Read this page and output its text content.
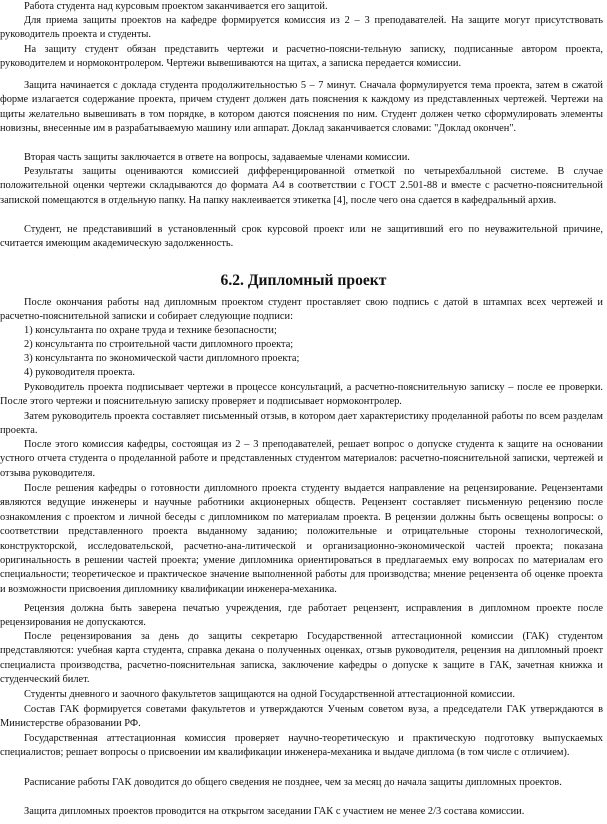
Работа студента над курсовым проектом заканчивается его защитой.

Для приема защиты проектов на кафедре формируется комиссия из 2 – 3 преподавателей. На защите могут присутствовать руководитель проекта и студенты.

На защиту студент обязан представить чертежи и расчетно-поясни-тельную записку, подписанные автором проекта, руководителем и нормоконтролером. Чертежи вывешиваются на щитах, а записка передается комиссии.

Защита начинается с доклада студента продолжительностью 5 – 7 минут. Сначала формулируется тема проекта, затем в сжатой форме излагается содержание проекта, причем студент должен дать пояснения к каждому из представленных чертежей. Чертежи на щиты желательно вывешивать в том порядке, в котором даются пояснения по ним. Студент должен четко сформулировать элементы новизны, внесенные им в разрабатываемую машину или аппарат. Доклад заканчивается словами: "Доклад окончен".

Вторая часть защиты заключается в ответе на вопросы, задаваемые членами комиссии.

Результаты защиты оцениваются комиссией дифференцированной отметкой по четырехбалльной системе. В случае положительной оценки чертежи складываются до формата А4 в соответствии с ГОСТ 2.501-88 и вместе с расчетно-пояснительной запиской помещаются в отдельную папку. На папку наклеивается этикетка [4], после чего она сдается в кафедральный архив.

Студент, не представивший в установленный срок курсовой проект или не защитивший его по неуважительной причине, считается имеющим академическую задолженность.

6.2. Дипломный проект

После окончания работы над дипломным проектом студент проставляет свою подпись с датой в штампах всех чертежей и расчетно-пояснительной записки и собирает следующие подписи:

1) консультанта по охране труда и технике безопасности;

2) консультанта по строительной части дипломного проекта;

3) консультанта по экономической части дипломного проекта;

4) руководителя проекта.

Руководитель проекта подписывает чертежи в процессе консультаций, а расчетно-пояснительную записку – после ее проверки. После этого чертежи и пояснительную записку проверяет и подписывает нормоконтролер.

Затем руководитель проекта составляет письменный отзыв, в котором дает характеристику проделанной работы по всем разделам проекта.

После этого комиссия кафедры, состоящая из 2 – 3 преподавателей, решает вопрос о допуске студента к защите на основании устного отчета студента о проделанной работе и представленных студентом материалов: расчетно-пояснительной записки, чертежей и отзыва руководителя.

После решения кафедры о готовности дипломного проекта студенту выдается направление на рецензирование. Рецензентами являются ведущие инженеры и научные работники акционерных обществ. Рецензент составляет письменную рецензию после ознакомления с проектом и личной беседы с дипломником по материалам проекта. В рецензии должны быть освещены вопросы: о соответствии представленного проекта выданному заданию; положительные и отрицательные стороны технологической, конструкторской, исследовательской, расчетно-ана-литической и организационно-экономической частей проекта; показана оригинальность в решении частей проекта; умение дипломника ориентироваться в предлагаемых ему вопросах по материалам его специальности; теоретическое и практическое значение выполненной работы для производства; мнение рецензента об оценке проекта и возможности присвоения дипломнику квалификации инженера-механика.

Рецензия должна быть заверена печатью учреждения, где работает рецензент, исправления в дипломном проекте после рецензирования не допускаются.

После рецензирования за день до защиты секретарю Государственной аттестационной комиссии (ГАК) студентом представляются: учебная карта студента, справка декана о полученных оценках, отзыв руководителя, рецензия на дипломный проект специалиста производства, расчетно-пояснительная записка, заключение кафедры о допуске к защите в ГАК, зачетная книжка и студенческий билет.

Студенты дневного и заочного факультетов защищаются на одной Государственной аттестационной комиссии.

Состав ГАК формируется советами факультетов и утверждаются Ученым советом вуза, а председатели ГАК утверждаются в Министерстве образовании РФ.

Государственная аттестационная комиссия проверяет научно-теоретическую и практическую подготовку выпускаемых специалистов; решает вопросы о присвоении им квалификации инженера-механика и выдаче диплома (в том числе с отличием).

Расписание работы ГАК доводится до общего сведения не позднее, чем за месяц до начала защиты дипломных проектов.

Защита дипломных проектов проводится на открытом заседании ГАК с участием не менее 2/3 состава комиссии.
